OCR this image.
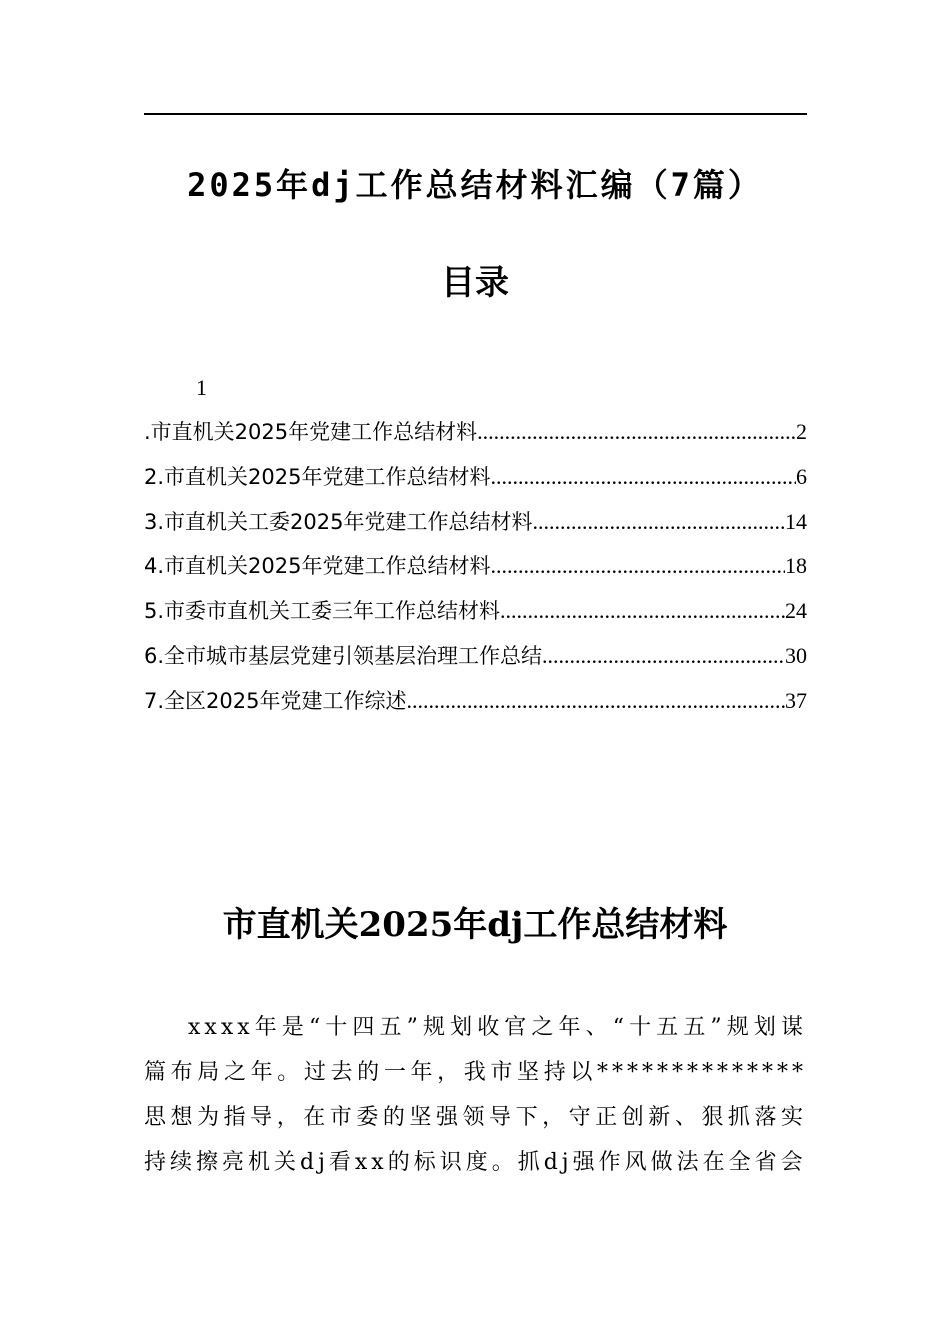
2025年dj工作总结材料汇编（7篇）
目录
1
.市直机关2025年党建工作总结材料 .....	2
2.市直机关2025年党建工作总结材料 .....	6
3.市直机关工委2025年党建工作总结材料 .....	14
4.市直机关2025年党建工作总结材料 .....	18
5.市委市直机关工委三年工作总结材料 .....	24
6.全市城市基层党建引领基层治理工作总结 .....	30
7.全区2025年党建工作综述 .....	37
市直机关2025年dj工作总结材料
xxxx年是“十四五”规划收官之年、“十五五”规划谋篇布局之年。过去的一年，我市坚持以**************思想为指导，在市委的坚强领导下，守正创新、狠抓落实持续擦亮机关dj看xx的标识度。抓dj强作风做法在全省会
